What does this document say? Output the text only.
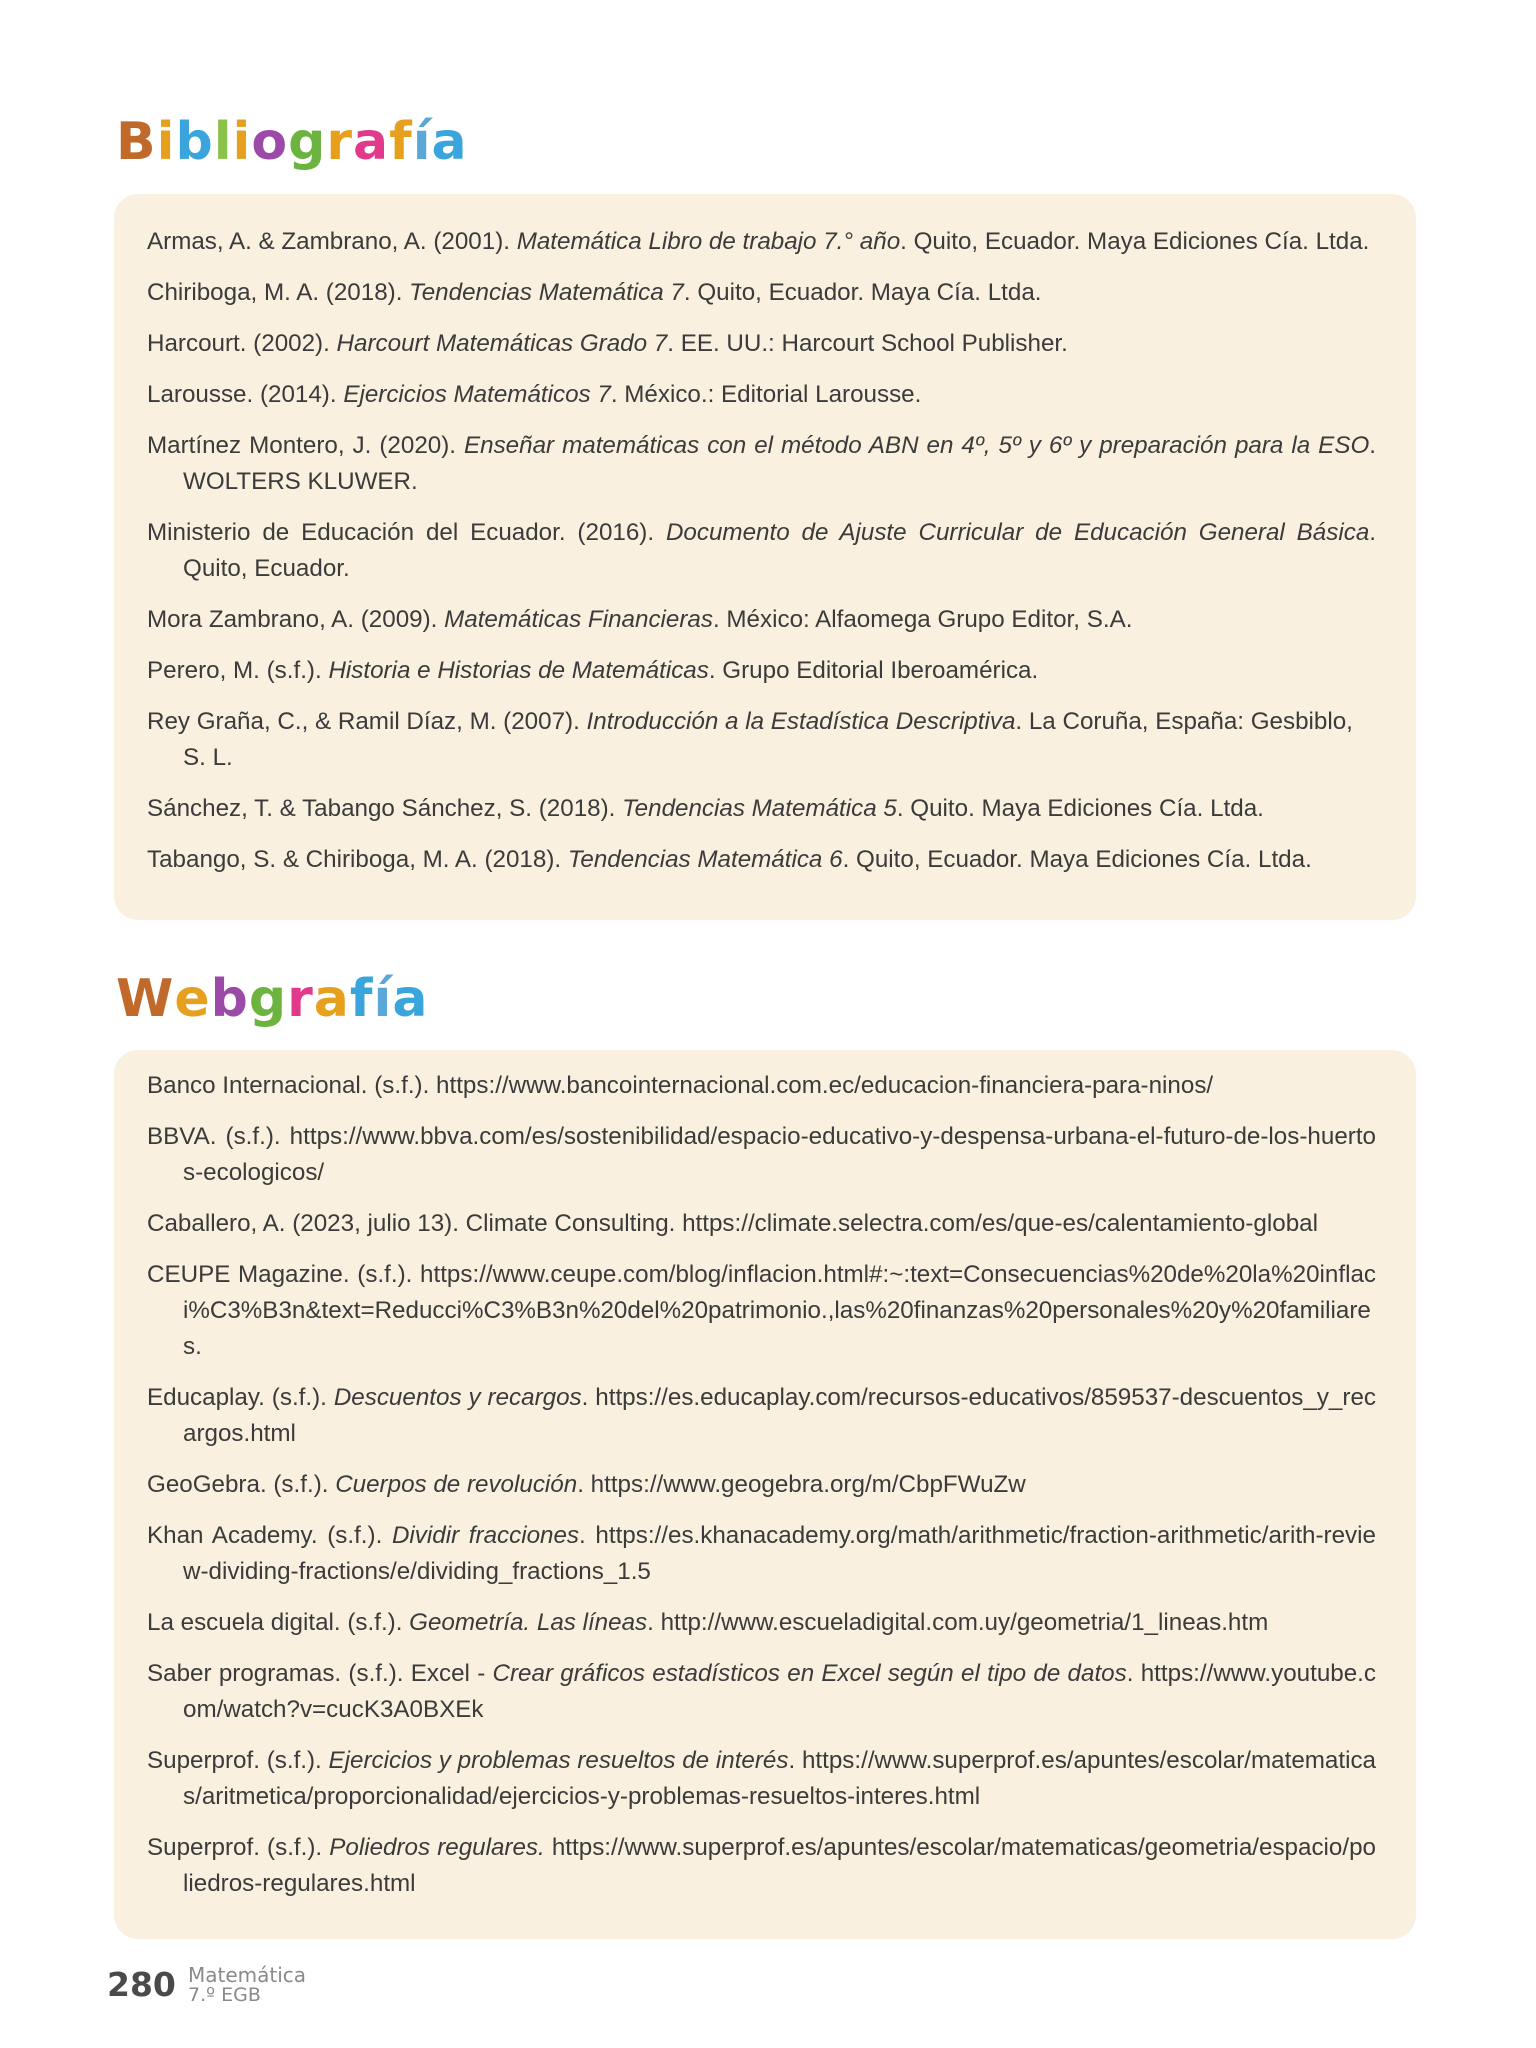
Bibliografía

Armas, A. & Zambrano, A. (2001). Matemática Libro de trabajo 7.° año. Quito, Ecuador. Maya Ediciones Cía. Ltda.

Chiriboga, M. A. (2018). Tendencias Matemática 7. Quito, Ecuador. Maya Cía. Ltda.

Harcourt. (2002). Harcourt Matemáticas Grado 7. EE. UU.: Harcourt School Publisher.

Larousse. (2014). Ejercicios Matemáticos 7. México.: Editorial Larousse.

Martínez Montero, J. (2020). Enseñar matemáticas con el método ABN en 4º, 5º y 6º y preparación para la ESO. WOLTERS KLUWER.

Ministerio de Educación del Ecuador. (2016). Documento de Ajuste Curricular de Educación General Básica. Quito, Ecuador.

Mora Zambrano, A. (2009). Matemáticas Financieras. México: Alfaomega Grupo Editor, S.A.

Perero, M. (s.f.). Historia e Historias de Matemáticas. Grupo Editorial Iberoamérica.

Rey Graña, C., & Ramil Díaz, M. (2007). Introducción a la Estadística Descriptiva. La Coruña, España: Gesbiblo, S. L.

Sánchez, T. & Tabango Sánchez, S. (2018). Tendencias Matemática 5. Quito. Maya Ediciones Cía. Ltda.

Tabango, S. & Chiriboga, M. A. (2018). Tendencias Matemática 6. Quito, Ecuador. Maya Ediciones Cía. Ltda.

Webgrafía

Banco Internacional. (s.f.). https://www.bancointernacional.com.ec/educacion-financiera-para-ninos/

BBVA. (s.f.). https://www.bbva.com/es/sostenibilidad/espacio-educativo-y-despensa-urbana-el-futuro-de-los-huertos-ecologicos/

Caballero, A. (2023, julio 13). Climate Consulting. https://climate.selectra.com/es/que-es/calentamiento-global

CEUPE Magazine. (s.f.). https://www.ceupe.com/blog/inflacion.html#:~:text=Consecuencias%20de%20la%20inflaci%C3%B3n&text=Reducci%C3%B3n%20del%20patrimonio.,las%20finanzas%20personales%20y%20familiares.

Educaplay. (s.f.). Descuentos y recargos. https://es.educaplay.com/recursos-educativos/859537-descuentos_y_recargos.html

GeoGebra. (s.f.). Cuerpos de revolución. https://www.geogebra.org/m/CbpFWuZw

Khan Academy. (s.f.). Dividir fracciones. https://es.khanacademy.org/math/arithmetic/fraction-arithmetic/arith-review-dividing-fractions/e/dividing_fractions_1.5

La escuela digital. (s.f.). Geometría. Las líneas. http://www.escueladigital.com.uy/geometria/1_lineas.htm

Saber programas. (s.f.). Excel - Crear gráficos estadísticos en Excel según el tipo de datos. https://www.youtube.com/watch?v=cucK3A0BXEk

Superprof. (s.f.). Ejercicios y problemas resueltos de interés. https://www.superprof.es/apuntes/escolar/matematicas/aritmetica/proporcionalidad/ejercicios-y-problemas-resueltos-interes.html

Superprof. (s.f.). Poliedros regulares. https://www.superprof.es/apuntes/escolar/matematicas/geometria/espacio/poliedros-regulares.html

280 Matemática
7.º EGB
